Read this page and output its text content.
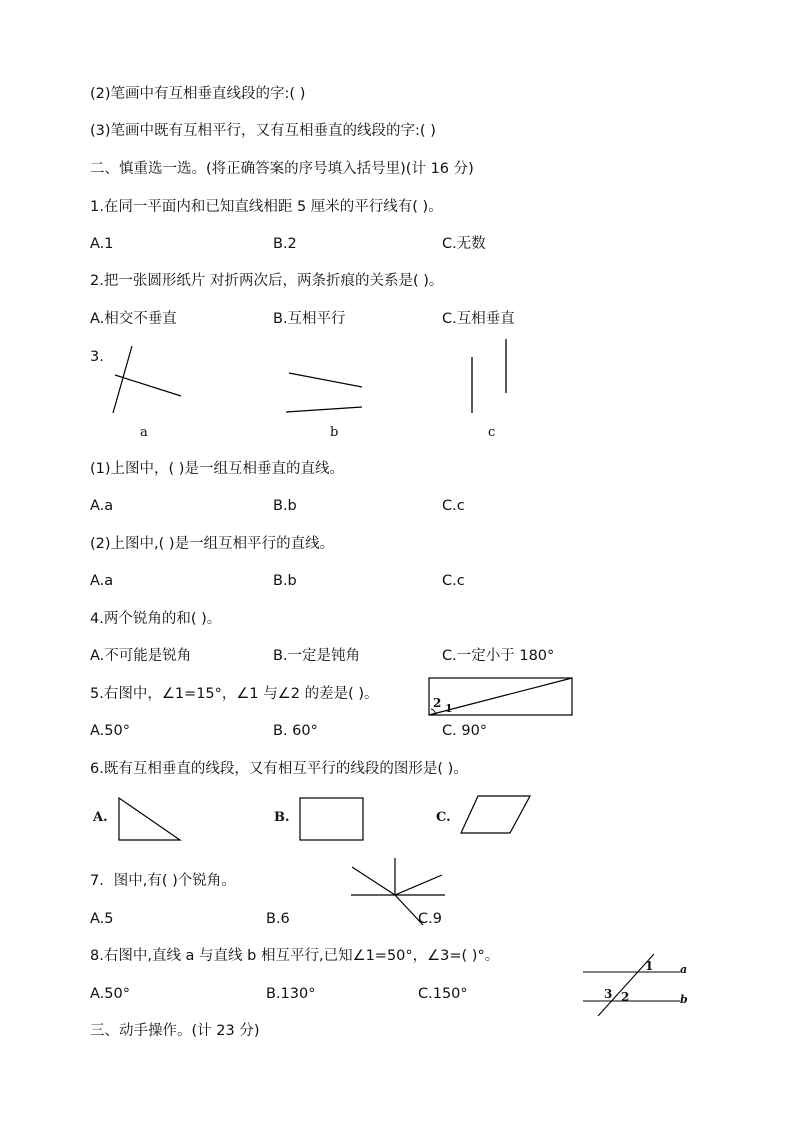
(2)笔画中有互相垂直线段的字:( )
(3)笔画中既有互相平行，又有互相垂直的线段的字:( )
二、慎重选一选。(将正确答案的序号填入括号里)(计 16 分)
1.在同一平面内和已知直线相距 5 厘米的平行线有( )。
A.1	B.2	C.无数
2.把一张圆形纸片 对折两次后，两条折痕的关系是( )。
A.相交不垂直	B.互相平行	C.互相垂直
3.
a	b	c
(1)上图中，( )是一组互相垂直的直线。
A.a	B.b	C.c
(2)上图中,( )是一组互相平行的直线。
A.a	B.b	C.c
4.两个锐角的和( )。
A.不可能是锐角	B.一定是钝角	C.一定小于 180°
5.右图中，∠1=15°，∠1 与∠2 的差是( )。
2 1
A.50°	B. 60°	C. 90°
6.既有互相垂直的线段，又有相互平行的线段的图形是( )。
A.	B.	C.
7．图中,有( )个锐角。
A.5	B.6	C.9
8.右图中,直线 a 与直线 b 相互平行,已知∠1=50°，∠3=( )°。
1
3 2
a
b
A.50°	B.130°	C.150°
三、动手操作。(计 23 分)
